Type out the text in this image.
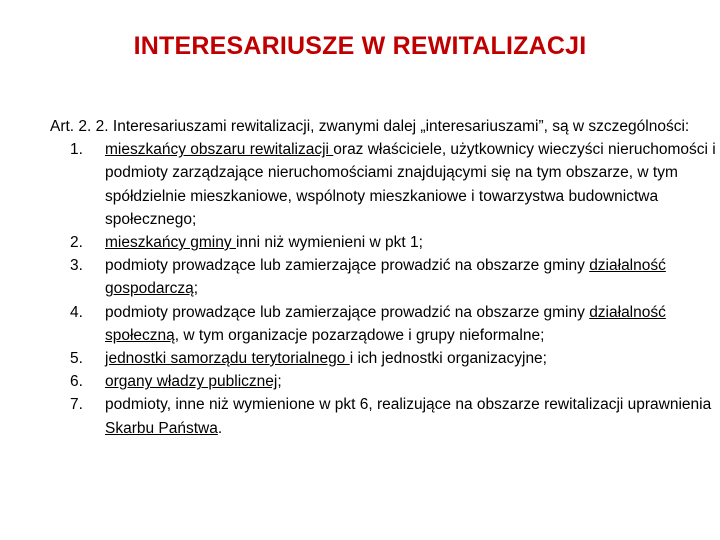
INTERESARIUSZE W REWITALIZACJI
Art. 2. 2. Interesariuszami rewitalizacji, zwanymi dalej „interesariuszami”, są w szczególności:
1. mieszkańcy obszaru rewitalizacji oraz właściciele, użytkownicy wieczyści nieruchomości i podmioty zarządzające nieruchomościami znajdującymi się na tym obszarze, w tym spółdzielnie mieszkaniowe, wspólnoty mieszkaniowe i towarzystwa budownictwa społecznego;
2. mieszkańcy gminy inni niż wymienieni w pkt 1;
3. podmioty prowadzące lub zamierzające prowadzić na obszarze gminy działalność gospodarczą;
4. podmioty prowadzące lub zamierzające prowadzić na obszarze gminy działalność społeczną, w tym organizacje pozarządowe i grupy nieformalne;
5. jednostki samorządu terytorialnego i ich jednostki organizacyjne;
6. organy władzy publicznej;
7. podmioty, inne niż wymienione w pkt 6, realizujące na obszarze rewitalizacji uprawnienia Skarbu Państwa.
